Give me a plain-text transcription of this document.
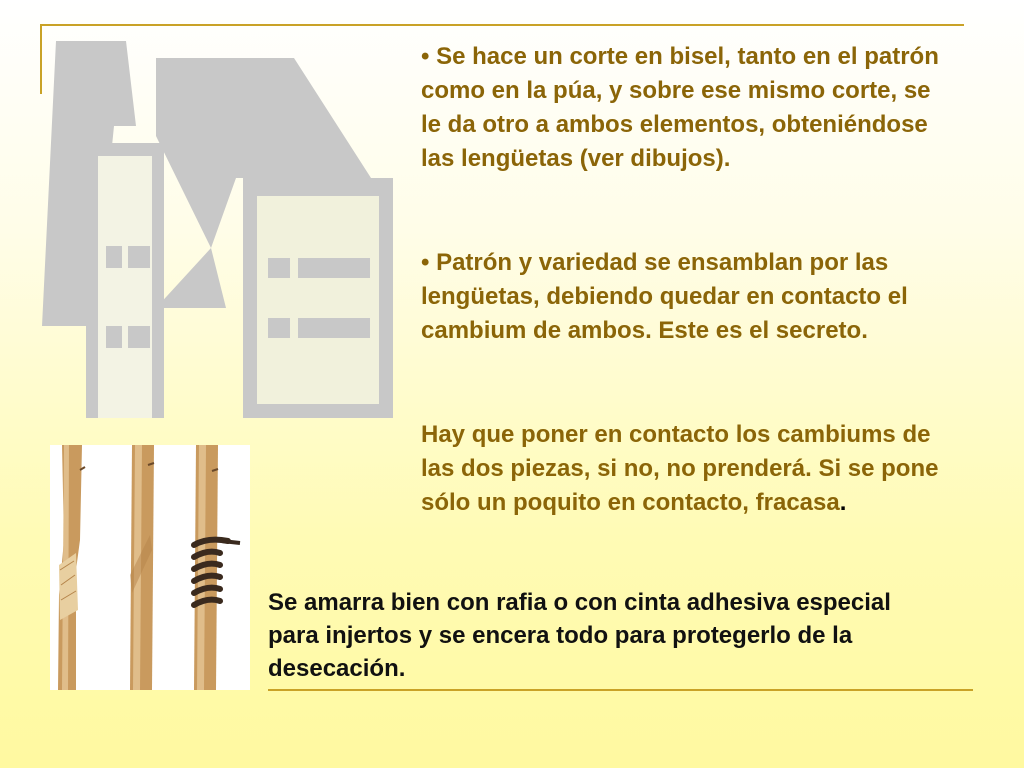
• Se hace un corte en bisel, tanto en el patrón como en la púa, y sobre ese mismo corte, se le da otro a ambos elementos, obteniéndose las lengüetas (ver dibujos).

• Patrón y variedad se ensamblan por las lengüetas, debiendo quedar en contacto el cambium de ambos. Este es el secreto.

Hay que poner en contacto los cambiums de las dos piezas, si no, no prenderá. Si se pone sólo un poquito en contacto, fracasa.

Se amarra bien con rafia o con cinta adhesiva especial para injertos y se encera todo para protegerlo de la desecación.
